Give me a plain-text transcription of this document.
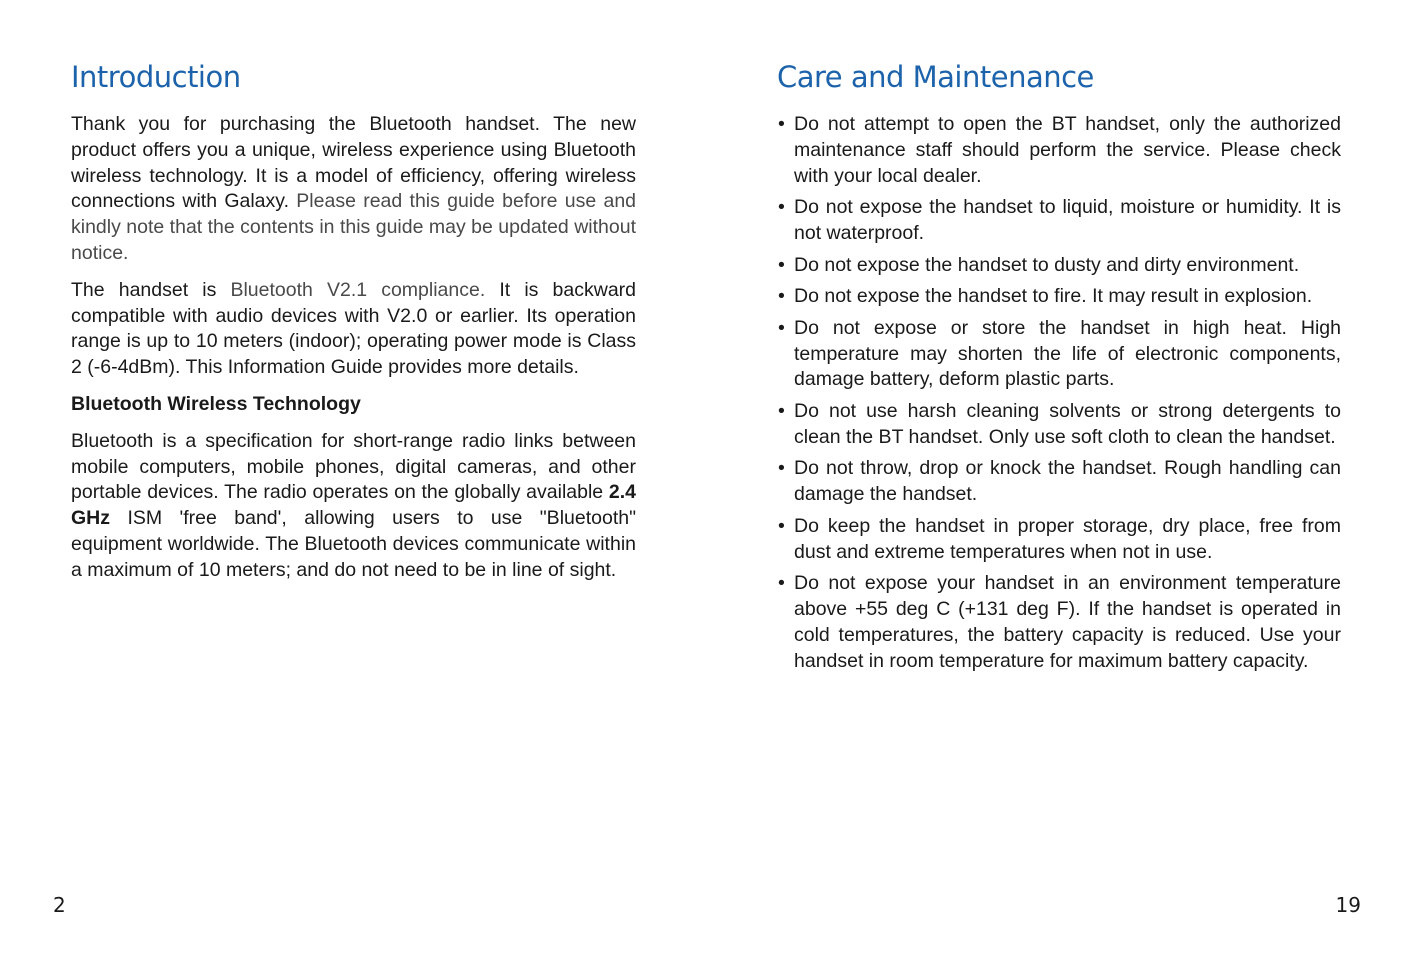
Introduction

Thank you for purchasing the Bluetooth handset. The new product offers you a unique, wireless experience using Bluetooth wireless technology. It is a model of efficiency, offering wireless connections with Galaxy. Please read this guide before use and kindly note that the contents in this guide may be updated without notice.

The handset is Bluetooth V2.1 compliance. It is backward compatible with audio devices with V2.0 or earlier. Its operation range is up to 10 meters (indoor); operating power mode is Class 2 (-6-4dBm). This Information Guide provides more details.

Bluetooth Wireless Technology

Bluetooth is a specification for short-range radio links between mobile computers, mobile phones, digital cameras, and other portable devices. The radio operates on the globally available 2.4 GHz ISM 'free band', allowing users to use "Bluetooth" equipment worldwide. The Bluetooth devices communicate within a maximum of 10 meters; and do not need to be in line of sight.

Care and Maintenance
• Do not attempt to open the BT handset, only the authorized maintenance staff should perform the service. Please check with your local dealer.
• Do not expose the handset to liquid, moisture or humidity. It is not waterproof.
• Do not expose the handset to dusty and dirty environment.
• Do not expose the handset to fire. It may result in explosion.
• Do not expose or store the handset in high heat. High temperature may shorten the life of electronic components, damage battery, deform plastic parts.
• Do not use harsh cleaning solvents or strong detergents to clean the BT handset. Only use soft cloth to clean the handset.
• Do not throw, drop or knock the handset. Rough handling can damage the handset.
• Do keep the handset in proper storage, dry place, free from dust and extreme temperatures when not in use.
• Do not expose your handset in an environment temperature above +55 deg C (+131 deg F). If the handset is operated in cold temperatures, the battery capacity is reduced. Use your handset in room temperature for maximum battery capacity.
2	19
